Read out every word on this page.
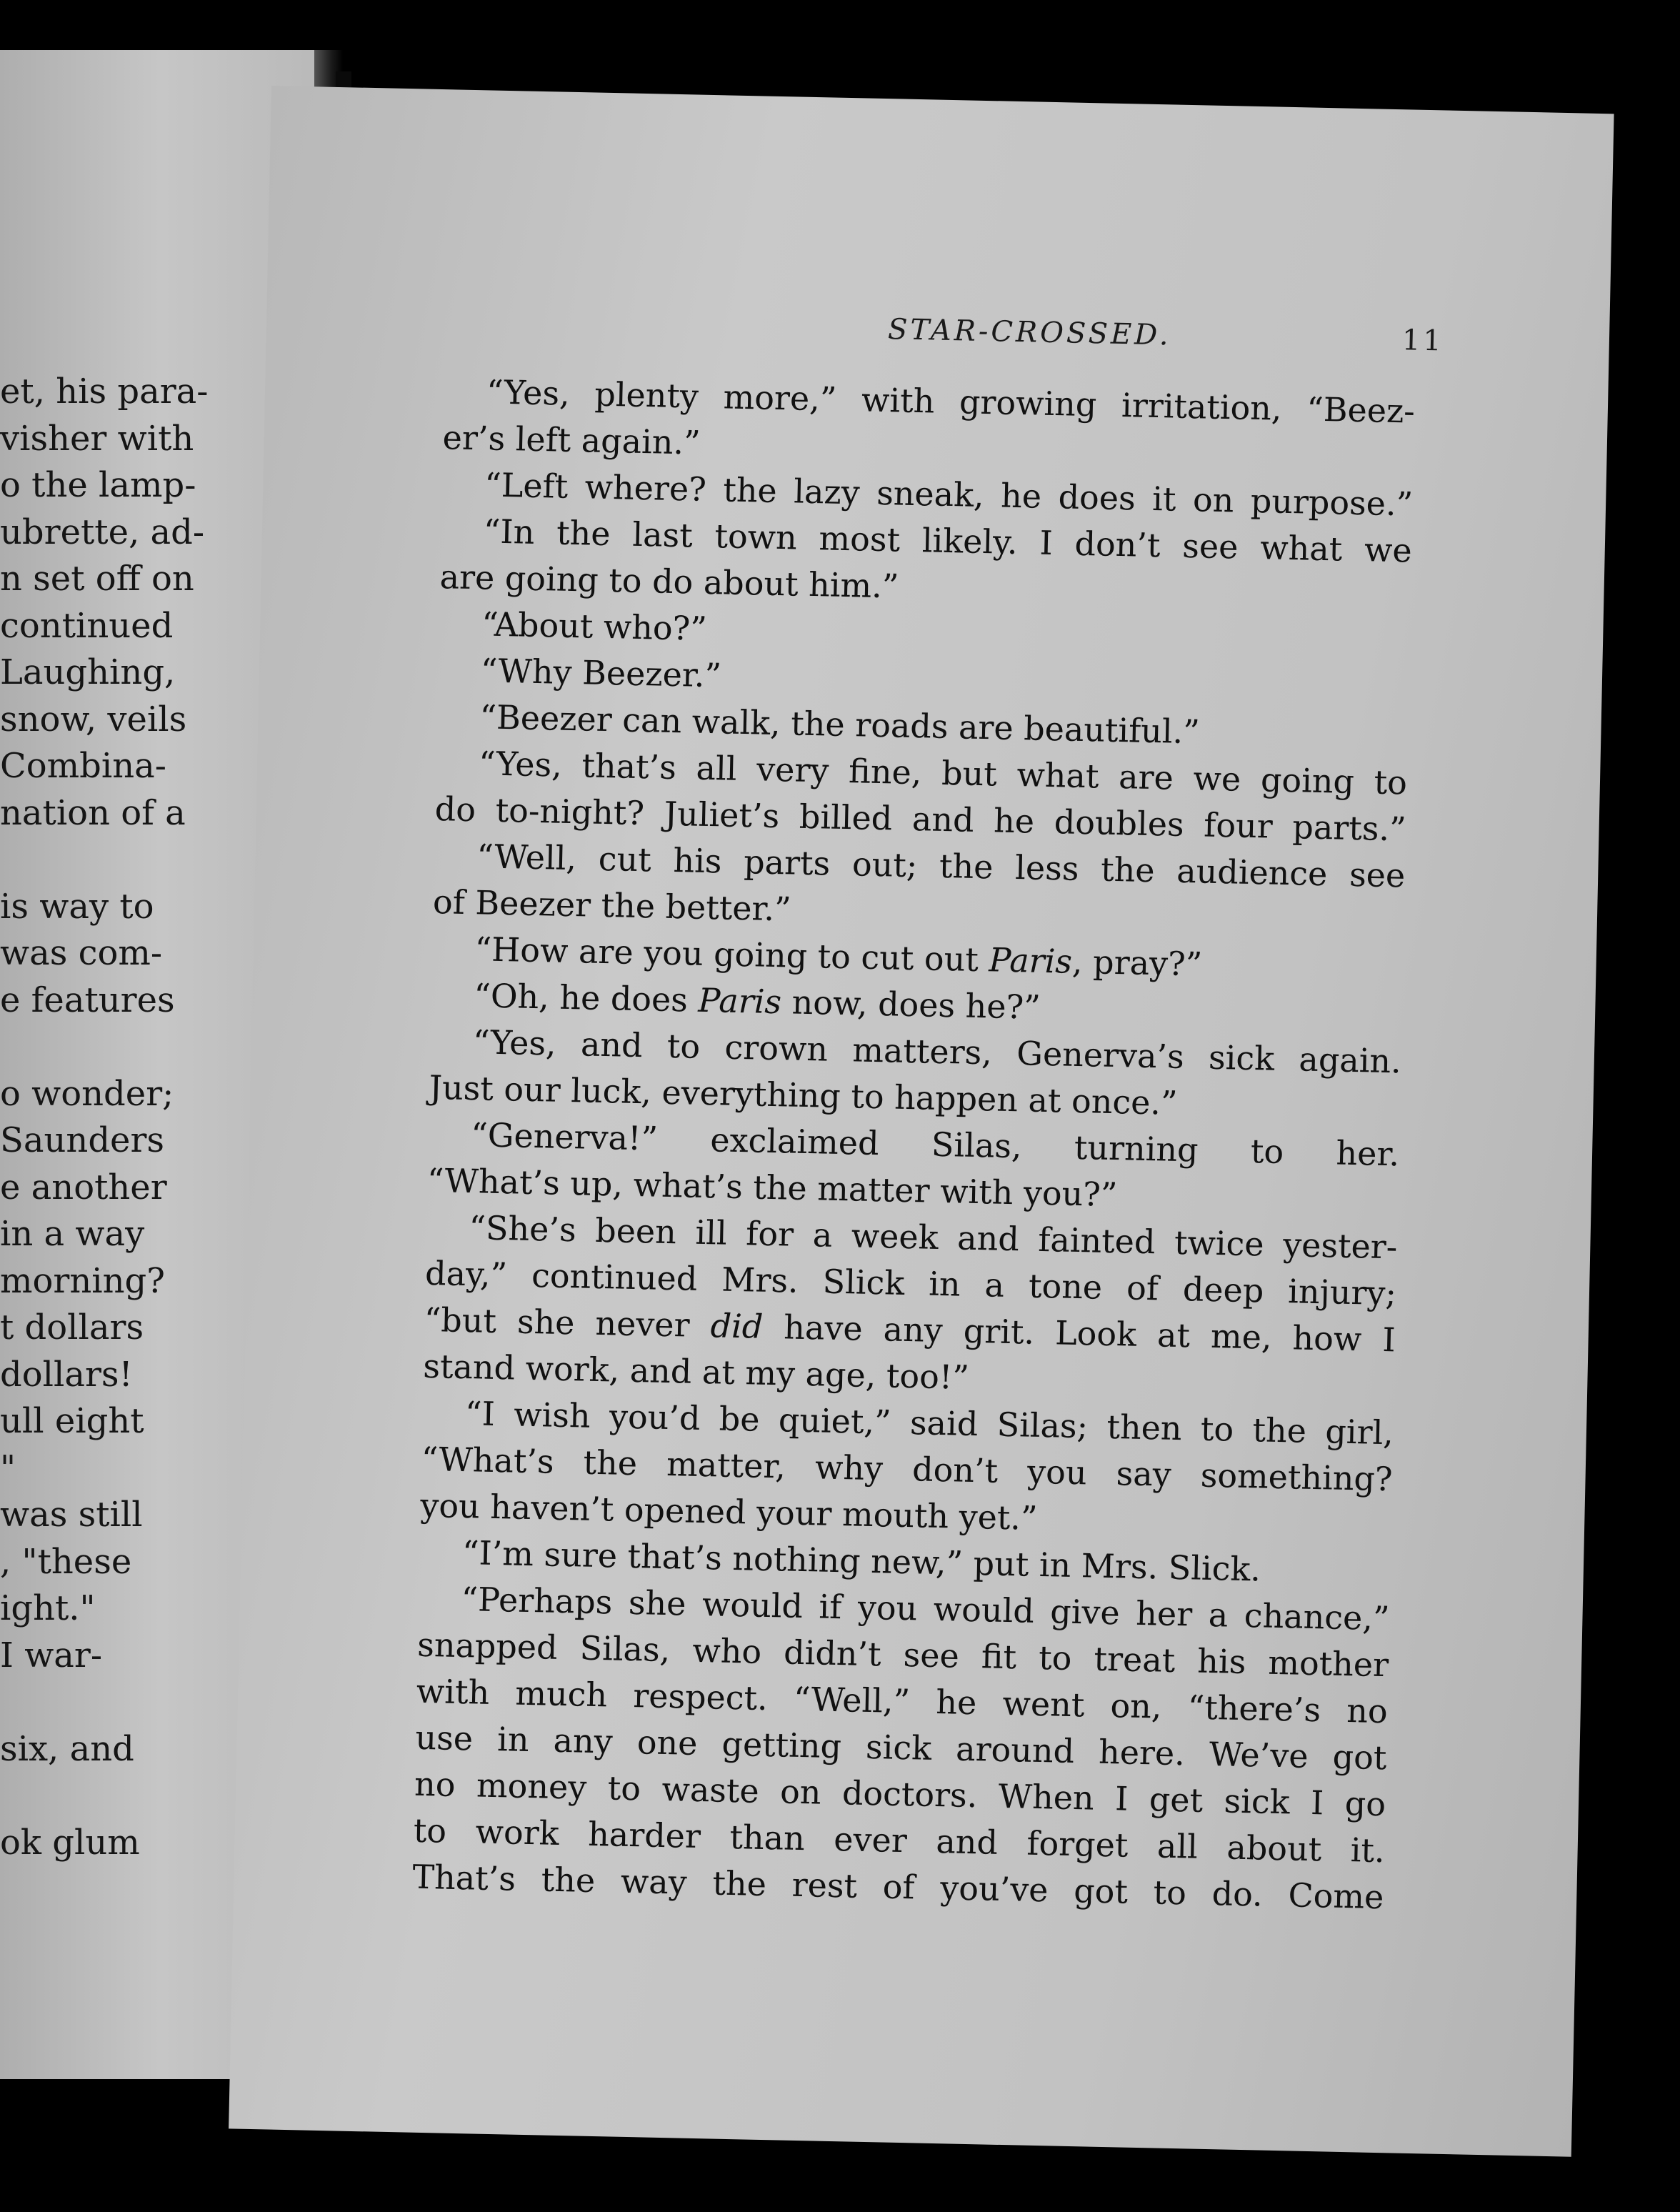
et, his para-
visher with
o the lamp-
ubrette, ad-
n set off on
continued
Laughing,
snow, veils
Combina-
nation of a
is way to
was com-
e features
o wonder;
Saunders
e another
in a way
morning?
t dollars
dollars!
ull eight
"
was still
, "these
ight."
I war-
six, and
ok glum
STAR-CROSSED.	11
“Yes, plenty more,” with growing irritation, “Beez-
er’s left again.”
“Left where? the lazy sneak, he does it on purpose.”
“In the last town most likely. I don’t see what we
are going to do about him.”
“About who?”
“Why Beezer.”
“Beezer can walk, the roads are beautiful.”
“Yes, that’s all very fine, but what are we going to
do to-night? Juliet’s billed and he doubles four parts.”
“Well, cut his parts out; the less the audience see
of Beezer the better.”
“How are you going to cut out Paris, pray?”
“Oh, he does Paris now, does he?”
“Yes, and to crown matters, Generva’s sick again.
Just our luck, everything to happen at once.”
“Generva!” exclaimed Silas, turning to her.
“What’s up, what’s the matter with you?”
“She’s been ill for a week and fainted twice yester-
day,” continued Mrs. Slick in a tone of deep injury;
“but she never did have any grit. Look at me, how I
stand work, and at my age, too!”
“I wish you’d be quiet,” said Silas; then to the girl,
“What’s the matter, why don’t you say something?
you haven’t opened your mouth yet.”
“I’m sure that’s nothing new,” put in Mrs. Slick.
“Perhaps she would if you would give her a chance,”
snapped Silas, who didn’t see fit to treat his mother
with much respect. “Well,” he went on, “there’s no
use in any one getting sick around here. We’ve got
no money to waste on doctors. When I get sick I go
to work harder than ever and forget all about it.
That’s the way the rest of you’ve got to do. Come
